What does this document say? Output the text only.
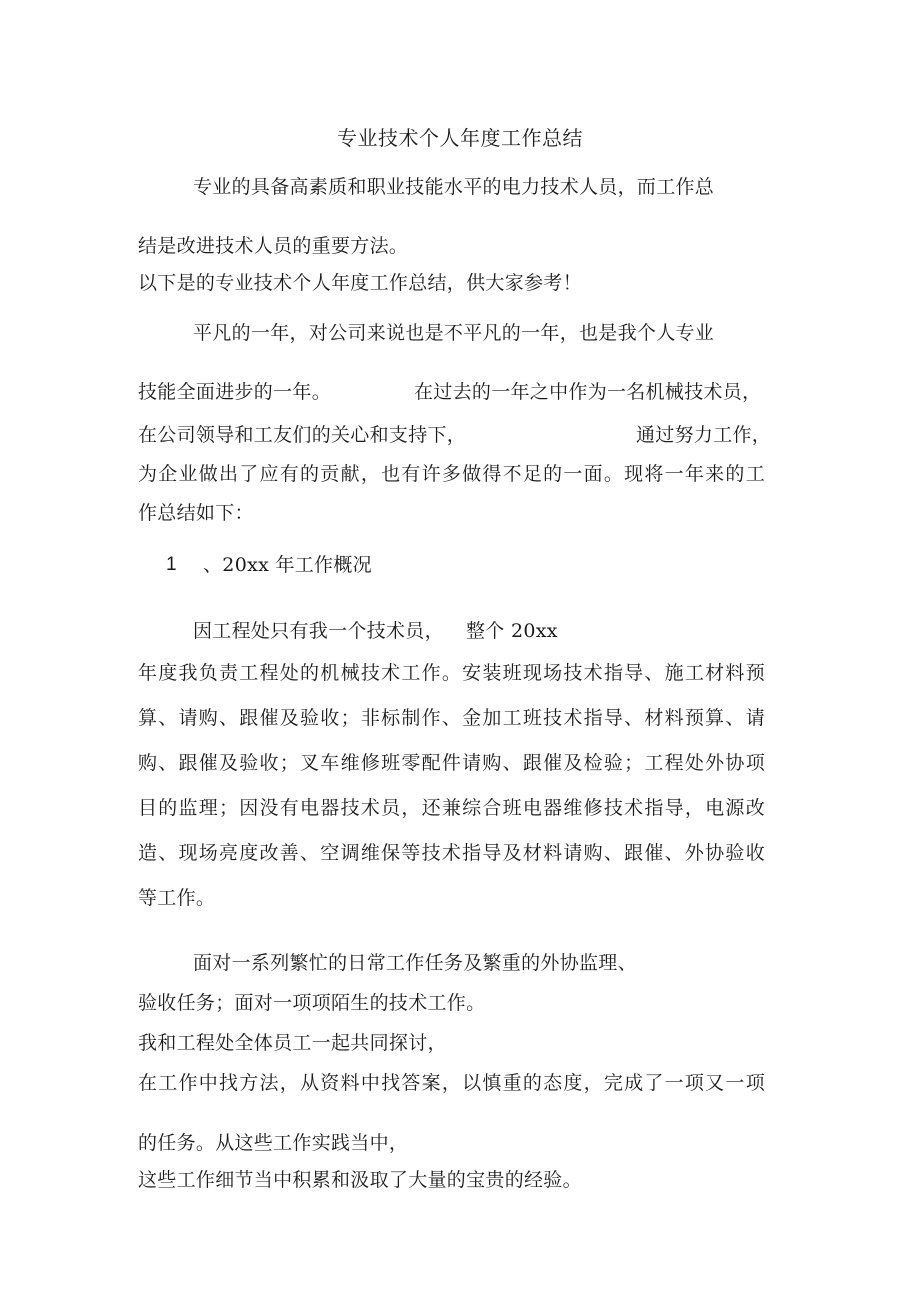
专业技术个人年度工作总结
专业的具备高素质和职业技能水平的电力技术人员，而工作总
结是改进技术人员的重要方法。
以下是的专业技术个人年度工作总结，供大家参考！
平凡的一年，对公司来说也是不平凡的一年，也是我个人专业
技能全面进步的一年。	在过去的一年之中作为一名机械技术员，
在公司领导和工友们的关心和支持下，	通过努力工作，
为企业做出了应有的贡献，也有许多做得不足的一面。现将一年来的工
作总结如下：
1 、20xx 年工作概况
因工程处只有我一个技术员， 整个 20xx
年度我负责工程处的机械技术工作。安装班现场技术指导、施工材料预
算、请购、跟催及验收；非标制作、金加工班技术指导、材料预算、请
购、跟催及验收；叉车维修班零配件请购、跟催及检验；工程处外协项
目的监理；因没有电器技术员，还兼综合班电器维修技术指导，电源改
造、现场亮度改善、空调维保等技术指导及材料请购、跟催、外协验收
等工作。
面对一系列繁忙的日常工作任务及繁重的外协监理、
验收任务；面对一项项陌生的技术工作。
我和工程处全体员工一起共同探讨，
在工作中找方法，从资料中找答案，以慎重的态度，完成了一项又一项
的任务。从这些工作实践当中，
这些工作细节当中积累和汲取了大量的宝贵的经验。
